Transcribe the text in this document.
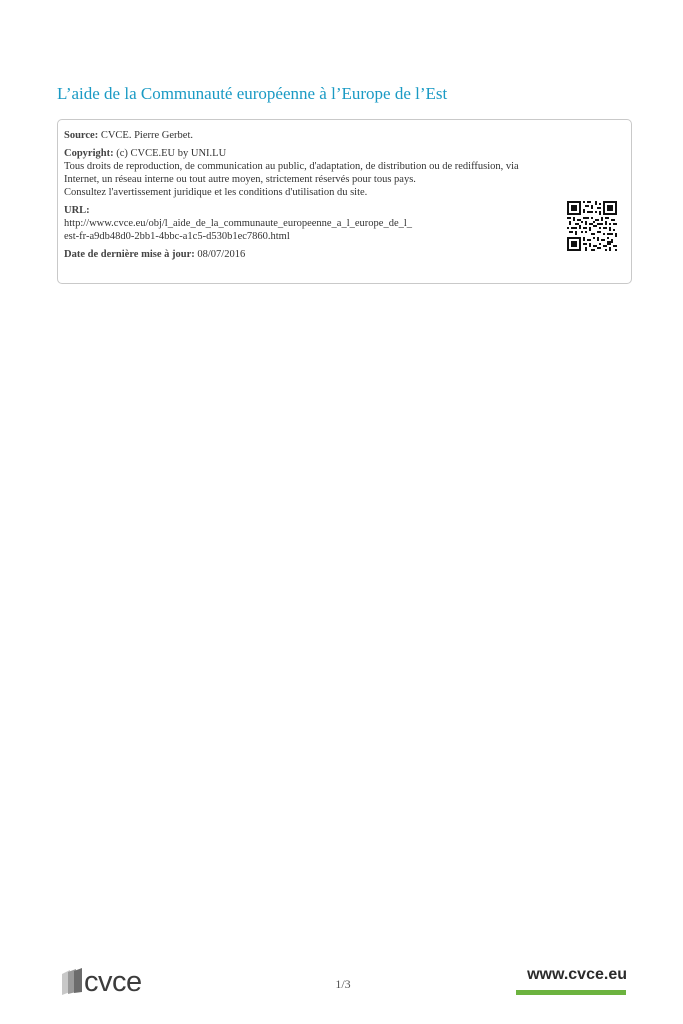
L’aide de la Communauté européenne à l’Europe de l’Est
Source: CVCE. Pierre Gerbet.
Copyright: (c) CVCE.EU by UNI.LU
Tous droits de reproduction, de communication au public, d'adaptation, de distribution ou de rediffusion, via
Internet, un réseau interne ou tout autre moyen, strictement réservés pour tous pays.
Consultez l'avertissement juridique et les conditions d'utilisation du site.
URL:
http://www.cvce.eu/obj/l_aide_de_la_communaute_europeenne_a_l_europe_de_l_
est-fr-a9db48d0-2bb1-4bbc-a1c5-d530b1ec7860.html
Date de dernière mise à jour: 08/07/2016
cvce	1/3
www.cvce.eu
